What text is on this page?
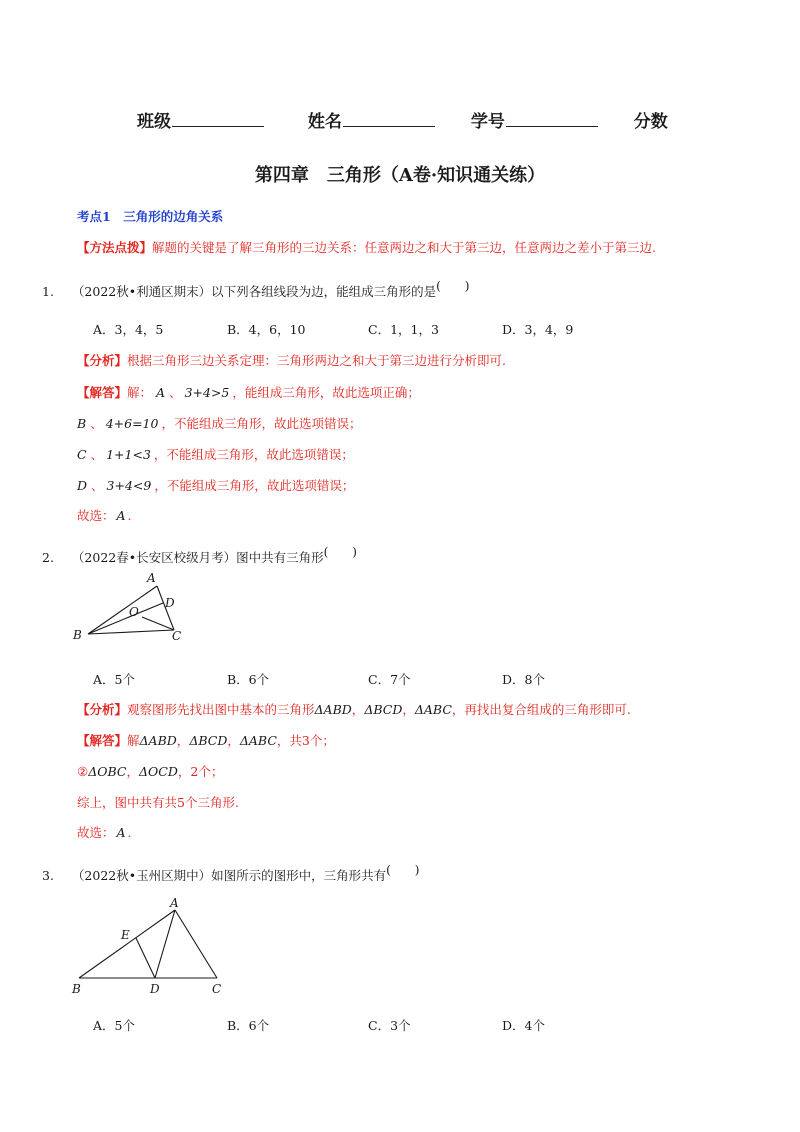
班级	姓名	学号	分数
第四章　三角形（A卷·知识通关练）
考点1　三角形的边角关系
【方法点拨】解题的关键是了解三角形的三边关系：任意两边之和大于第三边，任意两边之差小于第三边.
1. （2022秋•利通区期末）以下列各组线段为边，能组成三角形的是(　　)
A．3，4，5	B．4，6，10	C．1，1，3	D．3，4，9
【分析】根据三角形三边关系定理：三角形两边之和大于第三边进行分析即可.
【解答】解： A 、 3+4>5 ，能组成三角形，故此选项正确；
B 、 4+6=10 ，不能组成三角形，故此选项错误；
C 、 1+1<3 ，不能组成三角形，故此选项错误；
D 、 3+4<9 ，不能组成三角形，故此选项错误；
故选： A .
2. （2022春•长安区校级月考）图中共有三角形(　　)
A
D
O
B	C
A．5个	B．6个	C．7个	D．8个
【分析】观察图形先找出图中基本的三角形ΔABD，ΔBCD，ΔABC，再找出复合组成的三角形即可.
【解答】解ΔABD，ΔBCD，ΔABC，共3个；
②ΔOBC，ΔOCD，2个；
综上，图中共有共5个三角形.
故选： A .
3. （2022秋•玉州区期中）如图所示的图形中，三角形共有(　　)
A
E
B	D	C
A．5个	B．6个	C．3个	D．4个
